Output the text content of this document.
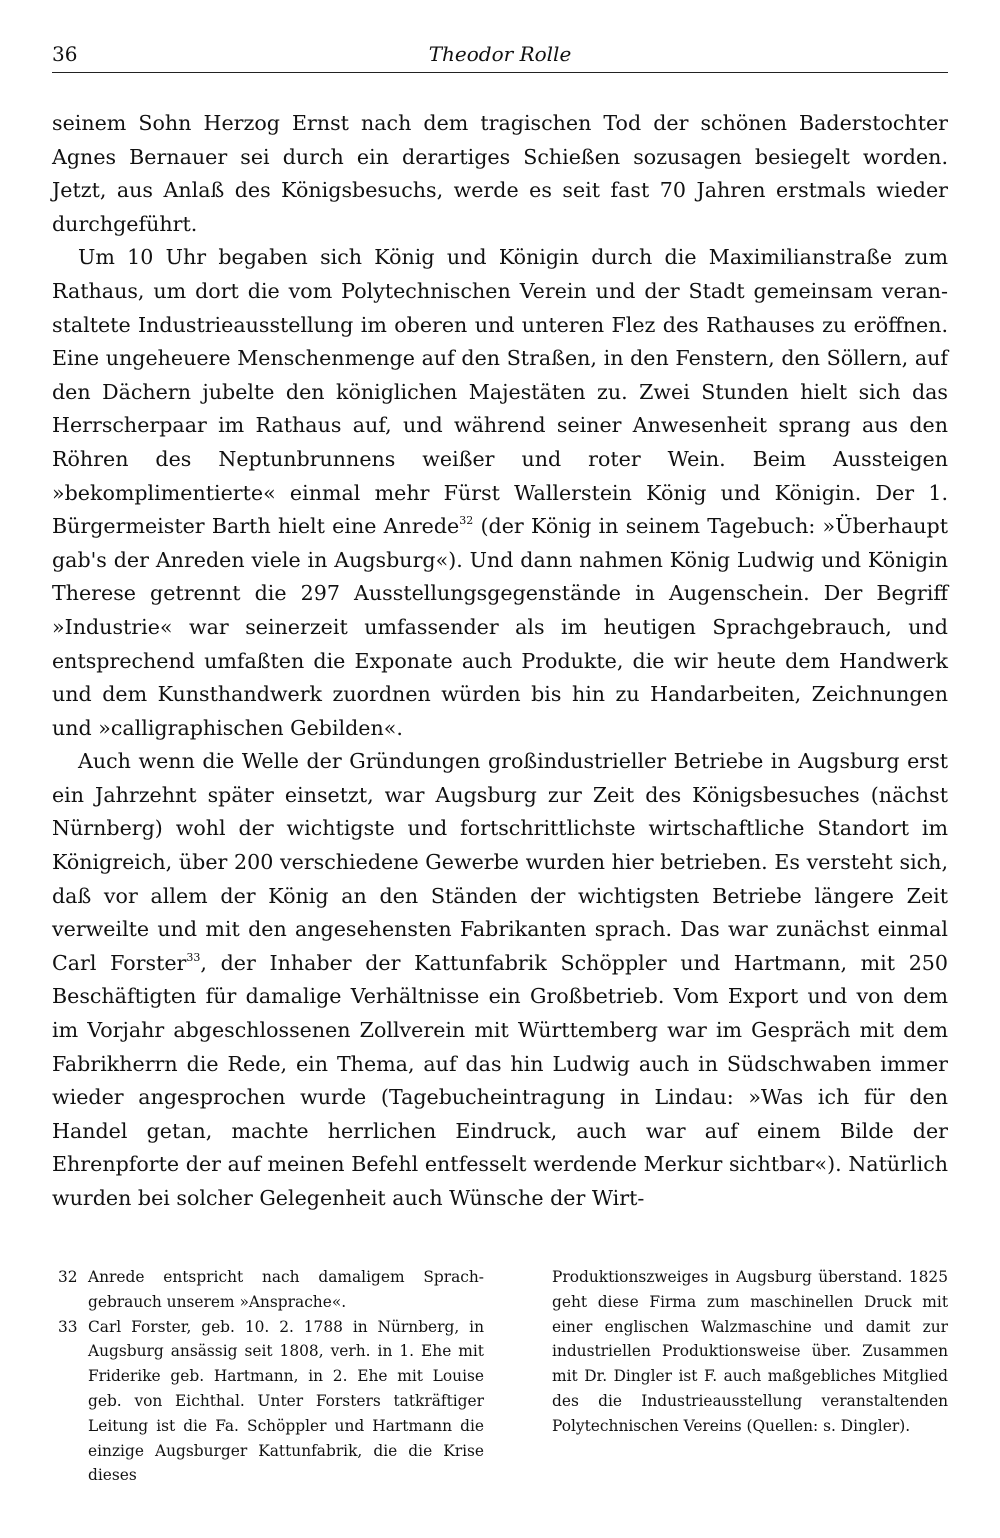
36	Theodor Rolle

seinem Sohn Herzog Ernst nach dem tragischen Tod der schönen Baderstochter Agnes Bernauer sei durch ein derartiges Schießen sozusagen besiegelt worden. Jetzt, aus Anlaß des Königsbesuchs, werde es seit fast 70 Jahren erstmals wieder durchgeführt.

Um 10 Uhr begaben sich König und Königin durch die Maximilianstraße zum Rathaus, um dort die vom Polytechnischen Verein und der Stadt gemeinsam veranstaltete Industrieausstellung im oberen und unteren Flez des Rathauses zu eröffnen. Eine ungeheuere Menschenmenge auf den Straßen, in den Fenstern, den Söllern, auf den Dächern jubelte den königlichen Majestäten zu. Zwei Stunden hielt sich das Herrscherpaar im Rathaus auf, und während seiner Anwesenheit sprang aus den Röhren des Neptunbrunnens weißer und roter Wein. Beim Aussteigen »bekomplimentierte« einmal mehr Fürst Wallerstein König und Königin. Der 1. Bürgermeister Barth hielt eine Anrede$^{32}$ (der König in seinem Tagebuch: »Überhaupt gab's der Anreden viele in Augsburg«). Und dann nahmen König Ludwig und Königin Therese getrennt die 297 Ausstellungsgegenstände in Augenschein. Der Begriff »Industrie« war seinerzeit umfassender als im heutigen Sprachgebrauch, und entsprechend umfaßten die Exponate auch Produkte, die wir heute dem Handwerk und dem Kunsthandwerk zuordnen würden bis hin zu Handarbeiten, Zeichnungen und »calligraphischen Gebilden«.

Auch wenn die Welle der Gründungen großindustrieller Betriebe in Augsburg erst ein Jahrzehnt später einsetzt, war Augsburg zur Zeit des Königsbesuches (nächst Nürnberg) wohl der wichtigste und fortschrittlichste wirtschaftliche Standort im Königreich, über 200 verschiedene Gewerbe wurden hier betrieben. Es versteht sich, daß vor allem der König an den Ständen der wichtigsten Betriebe längere Zeit verweilte und mit den angesehensten Fabrikanten sprach. Das war zunächst einmal Carl Forster$^{33}$, der Inhaber der Kattunfabrik Schöppler und Hartmann, mit 250 Beschäftigten für damalige Verhältnisse ein Großbetrieb. Vom Export und von dem im Vorjahr abgeschlossenen Zollverein mit Württemberg war im Gespräch mit dem Fabrikherrn die Rede, ein Thema, auf das hin Ludwig auch in Südschwaben immer wieder angesprochen wurde (Tagebucheintragung in Lindau: »Was ich für den Handel getan, machte herrlichen Eindruck, auch war auf einem Bilde der Ehrenpforte der auf meinen Befehl entfesselt werdende Merkur sichtbar«). Natürlich wurden bei solcher Gelegenheit auch Wünsche der Wirt-

32 Anrede entspricht nach damaligem Sprachgebrauch unserem »Ansprache«.

33 Carl Forster, geb. 10. 2. 1788 in Nürnberg, in Augsburg ansässig seit 1808, verh. in 1. Ehe mit Friderike geb. Hartmann, in 2. Ehe mit Louise geb. von Eichthal. Unter Forsters tatkräftiger Leitung ist die Fa. Schöppler und Hartmann die einzige Augsburger Kattunfabrik, die die Krise dieses

Produktionszweiges in Augsburg überstand. 1825 geht diese Firma zum maschinellen Druck mit einer englischen Walzmaschine und damit zur industriellen Produktionsweise über. Zusammen mit Dr. Dingler ist F. auch maßgebliches Mitglied des die Industrieausstellung veranstaltenden Polytechnischen Vereins (Quellen: s. Dingler).
